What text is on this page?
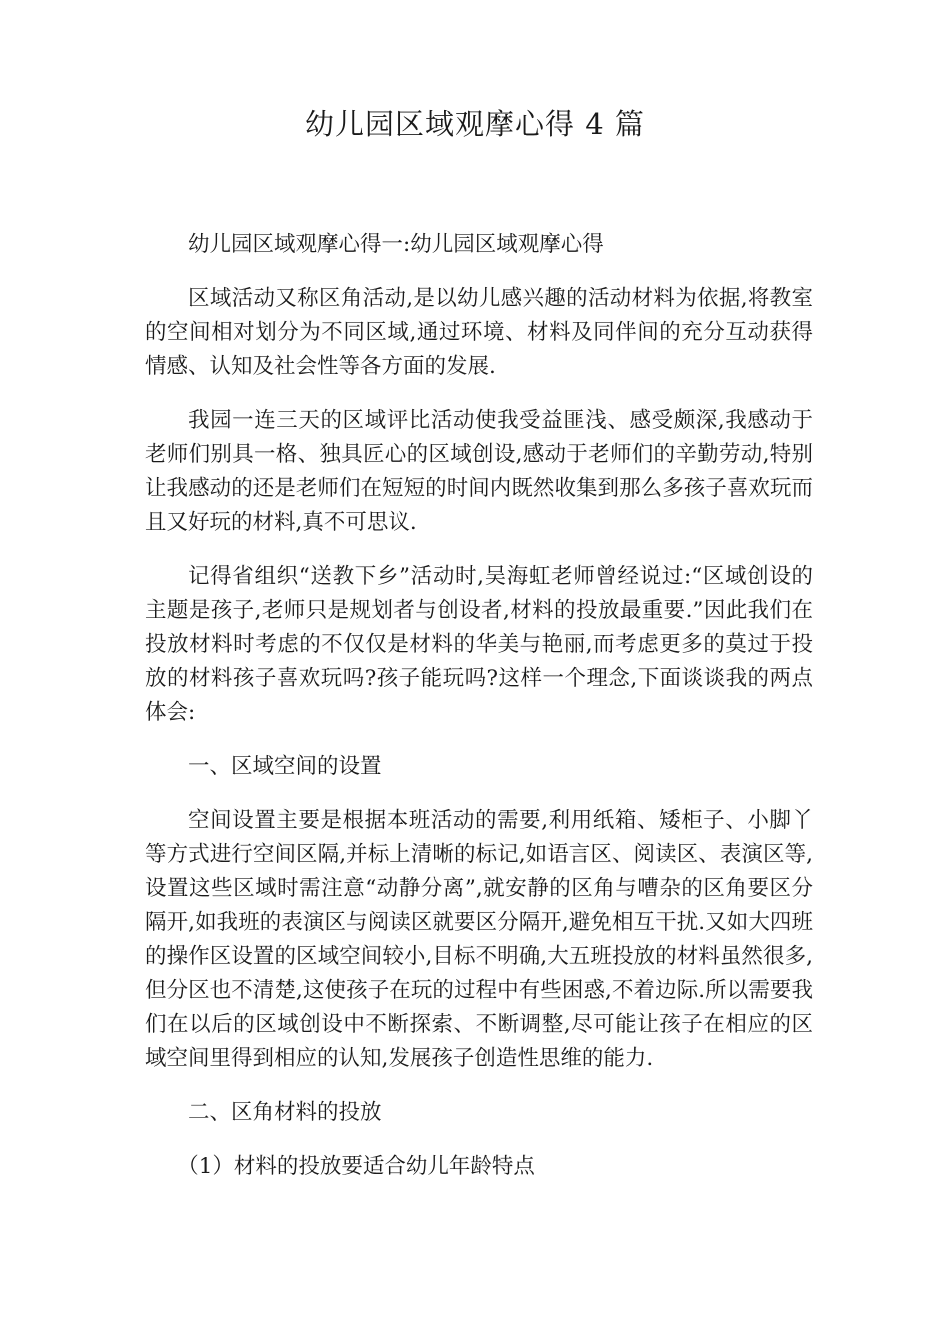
幼儿园区域观摩心得 4 篇

幼儿园区域观摩心得一:幼儿园区域观摩心得

区域活动又称区角活动,是以幼儿感兴趣的活动材料为依据,将教室的空间相对划分为不同区域,通过环境、材料及同伴间的充分互动获得情感、认知及社会性等各方面的发展.

我园一连三天的区域评比活动使我受益匪浅、感受颇深,我感动于老师们别具一格、独具匠心的区域创设,感动于老师们的辛勤劳动,特别让我感动的还是老师们在短短的时间内既然收集到那么多孩子喜欢玩而且又好玩的材料,真不可思议.

记得省组织“送教下乡”活动时,吴海虹老师曾经说过:“区域创设的主题是孩子,老师只是规划者与创设者,材料的投放最重要.”因此我们在投放材料时考虑的不仅仅是材料的华美与艳丽,而考虑更多的莫过于投放的材料孩子喜欢玩吗?孩子能玩吗?这样一个理念,下面谈谈我的两点体会:

一、区域空间的设置

空间设置主要是根据本班活动的需要,利用纸箱、矮柜子、小脚丫等方式进行空间区隔,并标上清晰的标记,如语言区、阅读区、表演区等,设置这些区域时需注意“动静分离”,就安静的区角与嘈杂的区角要区分隔开,如我班的表演区与阅读区就要区分隔开,避免相互干扰.又如大四班的操作区设置的区域空间较小,目标不明确,大五班投放的材料虽然很多,但分区也不清楚,这使孩子在玩的过程中有些困惑,不着边际.所以需要我们在以后的区域创设中不断探索、不断调整,尽可能让孩子在相应的区域空间里得到相应的认知,发展孩子创造性思维的能力.

二、区角材料的投放

（1）材料的投放要适合幼儿年龄特点
